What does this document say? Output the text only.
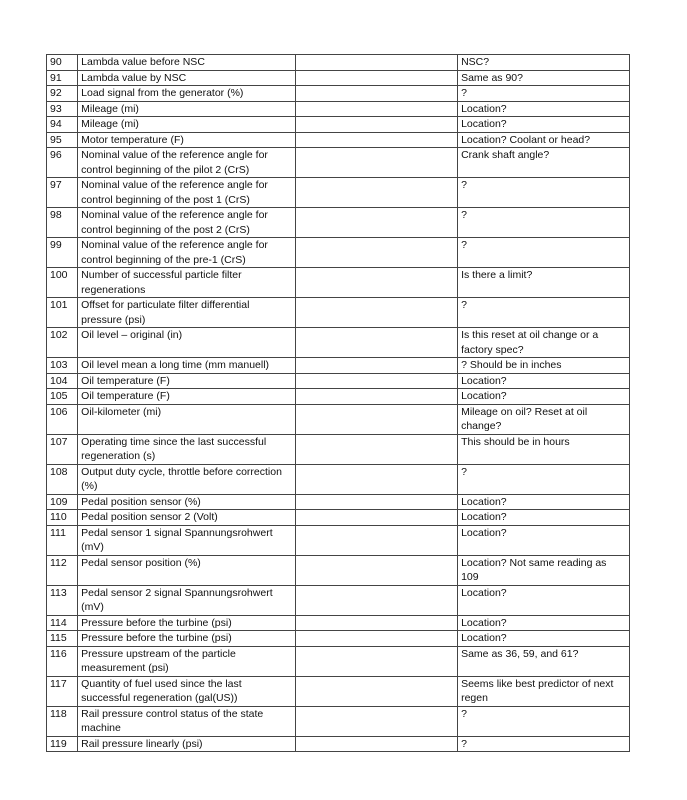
90	Lambda value before NSC		NSC?
91	Lambda value by NSC		Same as 90?
92	Load signal from the generator (%)		?
93	Mileage (mi)		Location?
94	Mileage (mi)		Location?
95	Motor temperature (F)		Location? Coolant or head?
96	Nominal value of the reference angle for control beginning of the pilot 2 (CrS)		Crank shaft angle?
97	Nominal value of the reference angle for control beginning of the post 1 (CrS)		?
98	Nominal value of the reference angle for control beginning of the post 2 (CrS)		?
99	Nominal value of the reference angle for control beginning of the pre-1 (CrS)		?
100	Number of successful particle filter regenerations		Is there a limit?
101	Offset for particulate filter differential pressure (psi)		?
102	Oil level – original (in)		Is this reset at oil change or a factory spec?
103	Oil level mean a long time (mm manuell)		? Should be in inches
104	Oil temperature (F)		Location?
105	Oil temperature (F)		Location?
106	Oil-kilometer (mi)		Mileage on oil? Reset at oil change?
107	Operating time since the last successful regeneration (s)		This should be in hours
108	Output duty cycle, throttle before correction (%)		?
109	Pedal position sensor (%)		Location?
110	Pedal position sensor 2 (Volt)		Location?
111	Pedal sensor 1 signal Spannungsrohwert (mV)		Location?
112	Pedal sensor position (%)		Location? Not same reading as 109
113	Pedal sensor 2 signal Spannungsrohwert (mV)		Location?
114	Pressure before the turbine (psi)		Location?
115	Pressure before the turbine (psi)		Location?
116	Pressure upstream of the particle measurement (psi)		Same as 36, 59, and 61?
117	Quantity of fuel used since the last successful regeneration (gal(US))		Seems like best predictor of next regen
118	Rail pressure control status of the state machine		?
119	Rail pressure linearly (psi)		?
